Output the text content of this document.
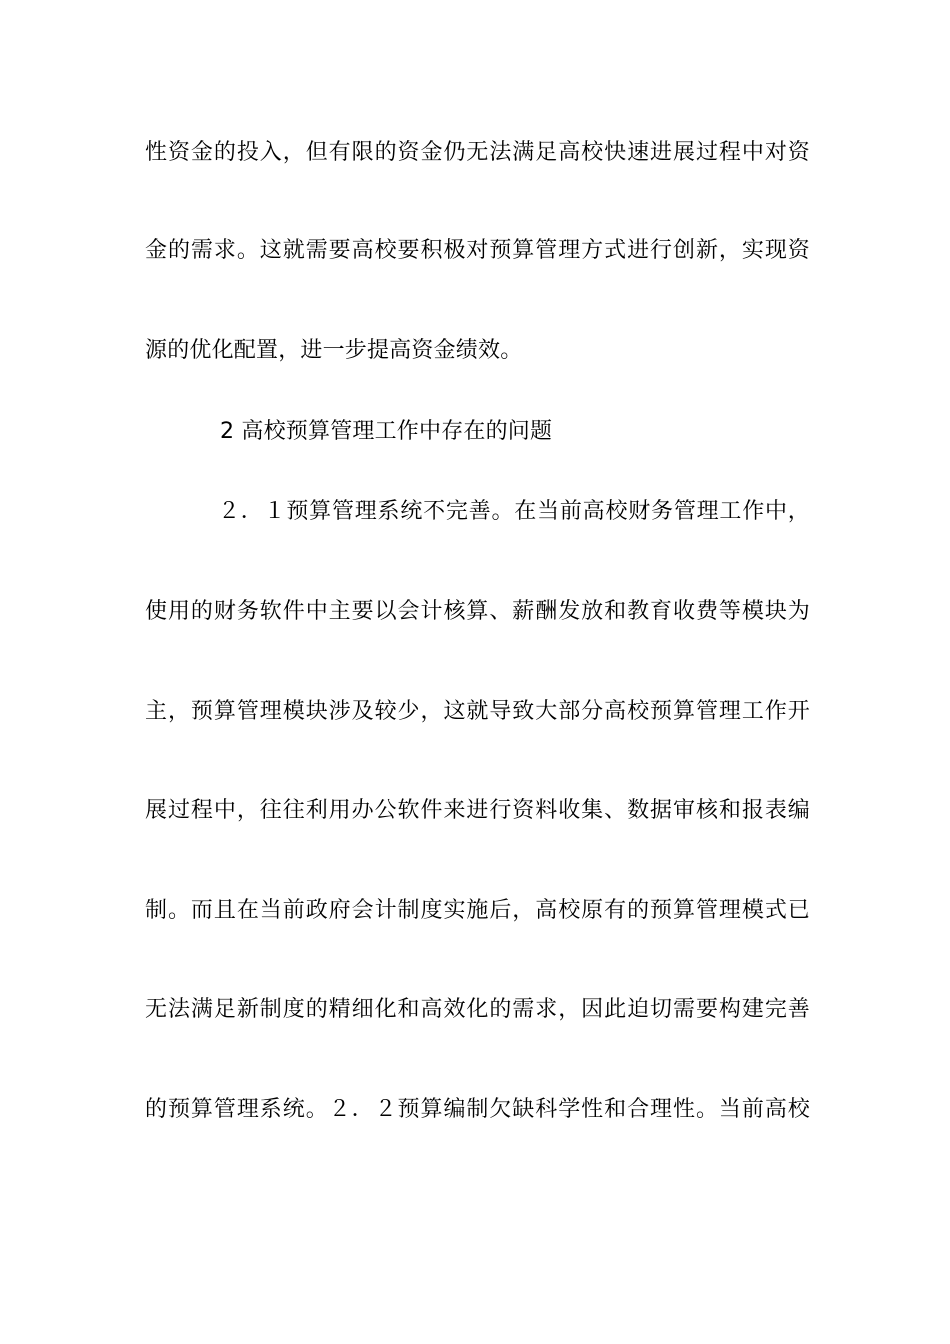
性资金的投入，但有限的资金仍无法满足高校快速进展过程中对资
金的需求。这就需要高校要积极对预算管理方式进行创新，实现资
源的优化配置，进一步提高资金绩效。
2 高校预算管理工作中存在的问题
２．１预算管理系统不完善。在当前高校财务管理工作中，
使用的财务软件中主要以会计核算、薪酬发放和教育收费等模块为
主，预算管理模块涉及较少，这就导致大部分高校预算管理工作开
展过程中，往往利用办公软件来进行资料收集、数据审核和报表编
制。而且在当前政府会计制度实施后，高校原有的预算管理模式已
无法满足新制度的精细化和高效化的需求，因此迫切需要构建完善
的预算管理系统。２．２预算编制欠缺科学性和合理性。当前高校
